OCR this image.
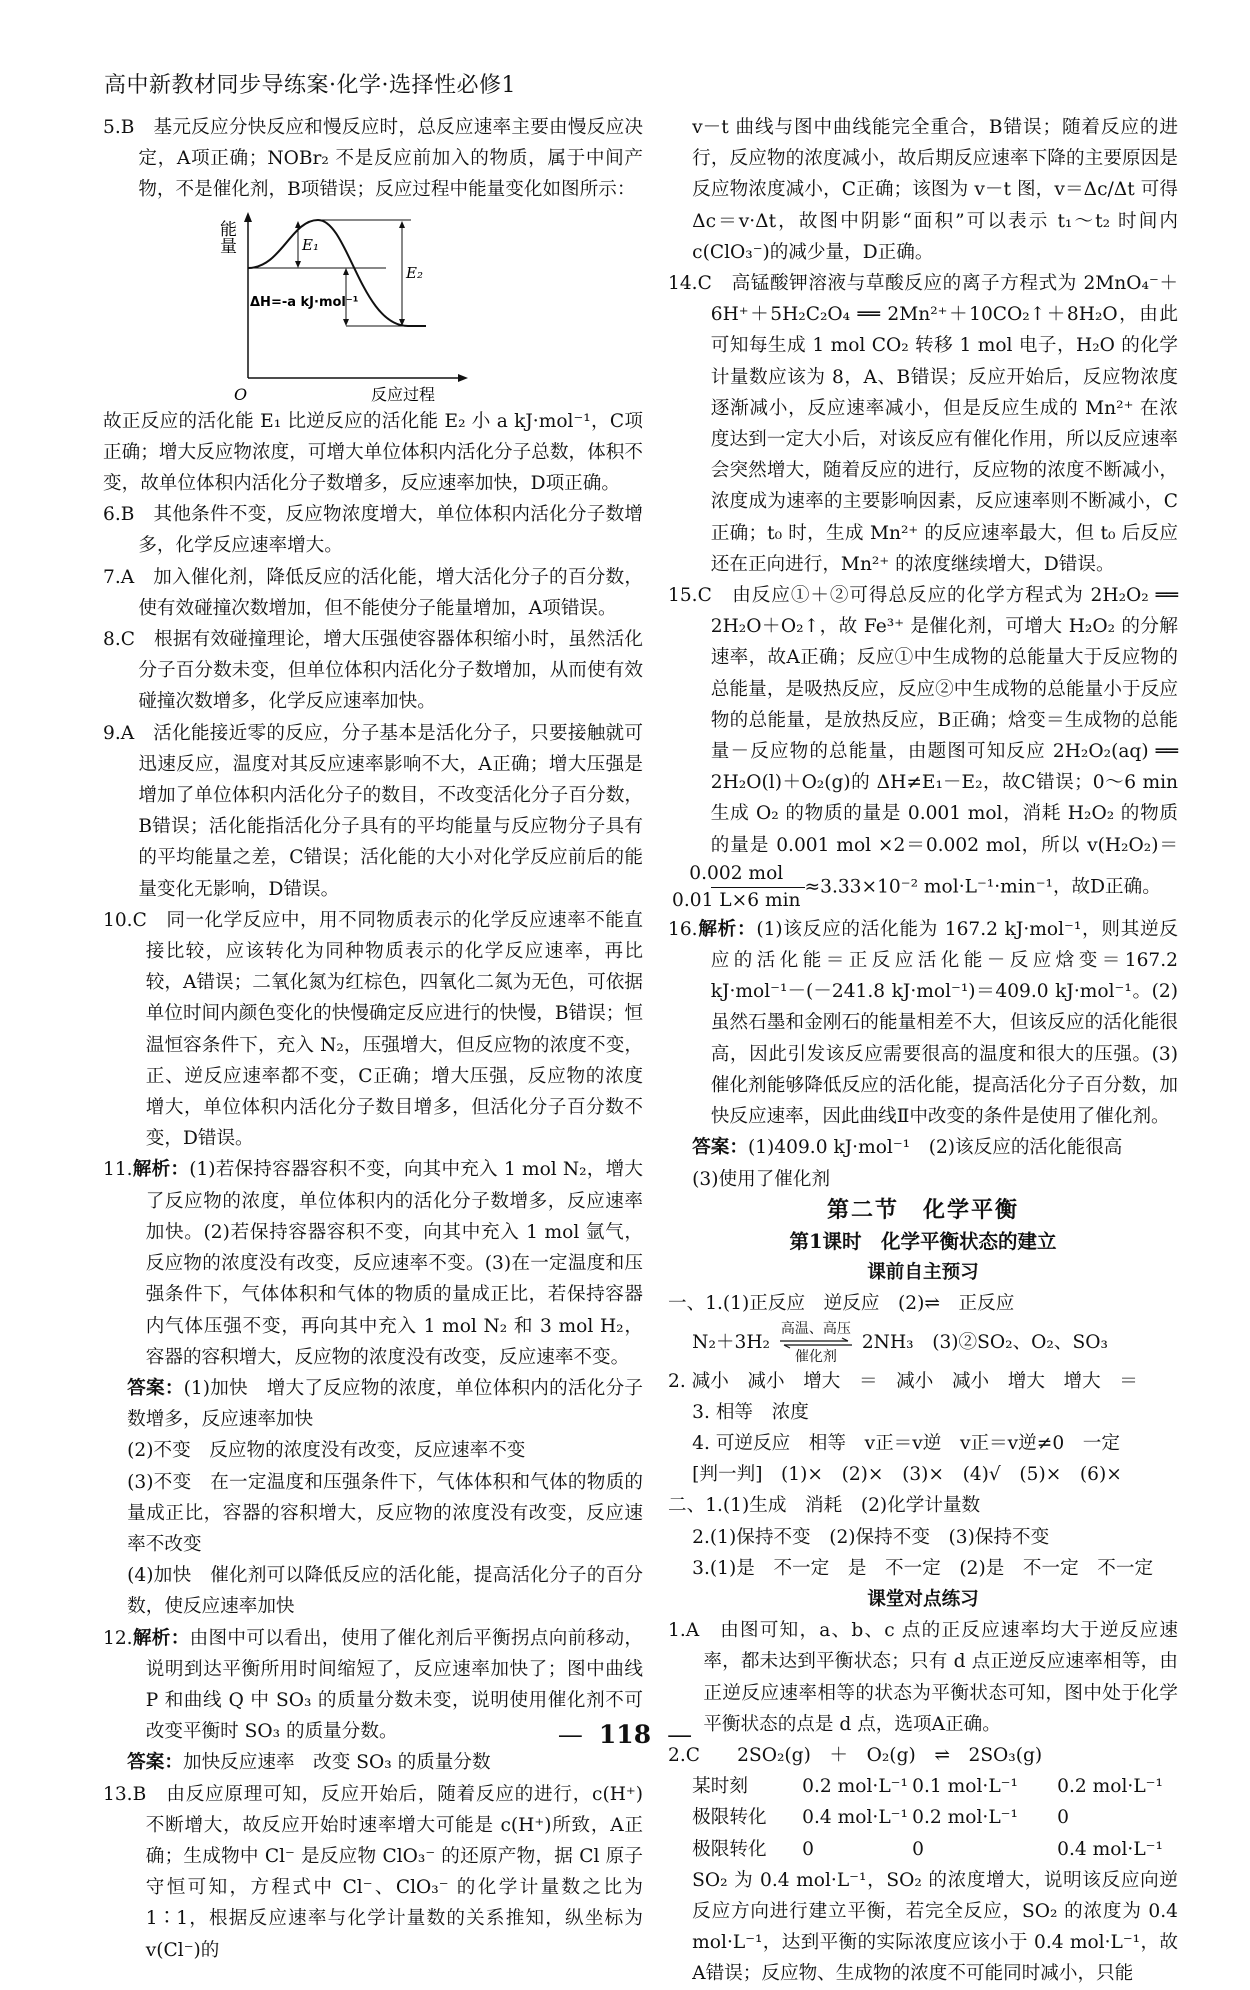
高中新教材同步导练案·化学·选择性必修1

5.B　基元反应分快反应和慢反应时，总反应速率主要由慢反应决定，A项正确；NOBr₂ 不是反应前加入的物质，属于中间产物，不是催化剂，B项错误；反应过程中能量变化如图所示：

能量	E₁
E₂
ΔH=-a kJ·mol⁻¹
O	反应过程

故正反应的活化能 E₁ 比逆反应的活化能 E₂ 小 a kJ·mol⁻¹，C项正确；增大反应物浓度，可增大单位体积内活化分子总数，体积不变，故单位体积内活化分子数增多，反应速率加快，D项正确。

6.B　其他条件不变，反应物浓度增大，单位体积内活化分子数增多，化学反应速率增大。

7.A　加入催化剂，降低反应的活化能，增大活化分子的百分数，使有效碰撞次数增加，但不能使分子能量增加，A项错误。

8.C　根据有效碰撞理论，增大压强使容器体积缩小时，虽然活化分子百分数未变，但单位体积内活化分子数增加，从而使有效碰撞次数增多，化学反应速率加快。

9.A　活化能接近零的反应，分子基本是活化分子，只要接触就可迅速反应，温度对其反应速率影响不大，A正确；增大压强是增加了单位体积内活化分子的数目，不改变活化分子百分数，B错误；活化能指活化分子具有的平均能量与反应物分子具有的平均能量之差，C错误；活化能的大小对化学反应前后的能量变化无影响，D错误。

10.C　同一化学反应中，用不同物质表示的化学反应速率不能直接比较，应该转化为同种物质表示的化学反应速率，再比较，A错误；二氧化氮为红棕色，四氧化二氮为无色，可依据单位时间内颜色变化的快慢确定反应进行的快慢，B错误；恒温恒容条件下，充入 N₂，压强增大，但反应物的浓度不变，正、逆反应速率都不变，C正确；增大压强，反应物的浓度增大，单位体积内活化分子数目增多，但活化分子百分数不变，D错误。

11.解析：(1)若保持容器容积不变，向其中充入 1 mol N₂，增大了反应物的浓度，单位体积内的活化分子数增多，反应速率加快。(2)若保持容器容积不变，向其中充入 1 mol 氩气，反应物的浓度没有改变，反应速率不变。(3)在一定温度和压强条件下，气体体积和气体的物质的量成正比，若保持容器内气体压强不变，再向其中充入 1 mol N₂ 和 3 mol H₂，容器的容积增大，反应物的浓度没有改变，反应速率不变。

答案：(1)加快　增大了反应物的浓度，单位体积内的活化分子数增多，反应速率加快

(2)不变　反应物的浓度没有改变，反应速率不变

(3)不变　在一定温度和压强条件下，气体体积和气体的物质的量成正比，容器的容积增大，反应物的浓度没有改变，反应速率不改变

(4)加快　催化剂可以降低反应的活化能，提高活化分子的百分数，使反应速率加快

12.解析：由图中可以看出，使用了催化剂后平衡拐点向前移动，说明到达平衡所用时间缩短了，反应速率加快了；图中曲线 P 和曲线 Q 中 SO₃ 的质量分数未变，说明使用催化剂不可改变平衡时 SO₃ 的质量分数。

答案：加快反应速率　改变 SO₃ 的质量分数

13.B　由反应原理可知，反应开始后，随着反应的进行，c(H⁺)不断增大，故反应开始时速率增大可能是 c(H⁺)所致，A正确；生成物中 Cl⁻ 是反应物 ClO₃⁻ 的还原产物，据 Cl 原子守恒可知，方程式中 Cl⁻、ClO₃⁻ 的化学计量数之比为 1∶1，根据反应速率与化学计量数的关系推知，纵坐标为 v(Cl⁻)的

v－t 曲线与图中曲线能完全重合，B错误；随着反应的进行，反应物的浓度减小，故后期反应速率下降的主要原因是反应物浓度减小，C正确；该图为 v－t 图，v＝Δc/Δt 可得 Δc＝v·Δt，故图中阴影“面积”可以表示 t₁～t₂ 时间内 c(ClO₃⁻)的减少量，D正确。

14.C　高锰酸钾溶液与草酸反应的离子方程式为 2MnO₄⁻＋6H⁺＋5H₂C₂O₄ ══ 2Mn²⁺＋10CO₂↑＋8H₂O，由此可知每生成 1 mol CO₂ 转移 1 mol 电子，H₂O 的化学计量数应该为 8，A、B错误；反应开始后，反应物浓度逐渐减小，反应速率减小，但是反应生成的 Mn²⁺ 在浓度达到一定大小后，对该反应有催化作用，所以反应速率会突然增大，随着反应的进行，反应物的浓度不断减小，浓度成为速率的主要影响因素，反应速率则不断减小，C正确；t₀ 时，生成 Mn²⁺ 的反应速率最大，但 t₀ 后反应还在正向进行，Mn²⁺ 的浓度继续增大，D错误。

15.C　由反应①＋②可得总反应的化学方程式为 2H₂O₂ ══ 2H₂O＋O₂↑，故 Fe³⁺ 是催化剂，可增大 H₂O₂ 的分解速率，故A正确；反应①中生成物的总能量大于反应物的总能量，是吸热反应，反应②中生成物的总能量小于反应物的总能量，是放热反应，B正确；焓变＝生成物的总能量－反应物的总能量，由题图可知反应 2H₂O₂(aq) ══ 2H₂O(l)＋O₂(g)的 ΔH≠E₁－E₂，故C错误；0～6 min 生成 O₂ 的物质的量是 0.001 mol，消耗 H₂O₂ 的物质的量是 0.001 mol ×2＝0.002 mol，所以 v(H₂O₂)＝
$\frac{\text{0.002 mol}}{0.01 L\times 6 \min} \approx 3.33\times 10^{-2}$ mol·L⁻¹·min⁻¹，故D正确。

16.解析：(1)该反应的活化能为 167.2 kJ·mol⁻¹，则其逆反应的活化能＝正反应活化能－反应焓变＝167.2 kJ·mol⁻¹－(－241.8 kJ·mol⁻¹)＝409.0 kJ·mol⁻¹。(2)虽然石墨和金刚石的能量相差不大，但该反应的活化能很高，因此引发该反应需要很高的温度和很大的压强。(3)催化剂能够降低反应的活化能，提高活化分子百分数，加快反应速率，因此曲线Ⅱ中改变的条件是使用了催化剂。

答案：(1)409.0 kJ·mol⁻¹　(2)该反应的活化能很高

(3)使用了催化剂

第二节　化学平衡

第1课时　化学平衡状态的建立

课前自主预习

一、1.(1)正反应　逆反应　(2)⇌　正反应

N₂＋3H₂
高温、高压
催化剂
2NH₃　(3)②SO₂、O₂、SO₃

2. 减小　减小　增大　＝　减小　减小　增大　增大　＝

3. 相等　浓度

4. 可逆反应　相等　v正＝v逆　v正＝v逆≠0　一定

[判一判]　(1)×　(2)×　(3)×　(4)√　(5)×　(6)×

二、1.(1)生成　消耗　(2)化学计量数

2.(1)保持不变　(2)保持不变　(3)保持不变

3.(1)是　不一定　是　不一定　(2)是　不一定　不一定

课堂对点练习

1.A　由图可知，a、b、c 点的正反应速率均大于逆反应速率，都未达到平衡状态；只有 d 点正逆反应速率相等，由正逆反应速率相等的状态为平衡状态可知，图中处于化学平衡状态的点是 d 点，选项A正确。

2.C　　2SO₂(g)　＋　O₂(g)　⇌　2SO₃(g)

某时刻	0.2 mol·L⁻¹ 0.1 mol·L⁻¹ 0.2 mol·L⁻¹
极限转化 0.4 mol·L⁻¹ 0.2 mol·L⁻¹ 0
极限转化 0	0	0.4 mol·L⁻¹

SO₂ 为 0.4 mol·L⁻¹，SO₂ 的浓度增大，说明该反应向逆反应方向进行建立平衡，若完全反应，SO₂ 的浓度为 0.4 mol·L⁻¹，达到平衡的实际浓度应该小于 0.4 mol·L⁻¹，故A错误；反应物、生成物的浓度不可能同时减小，只能

— 118 —
